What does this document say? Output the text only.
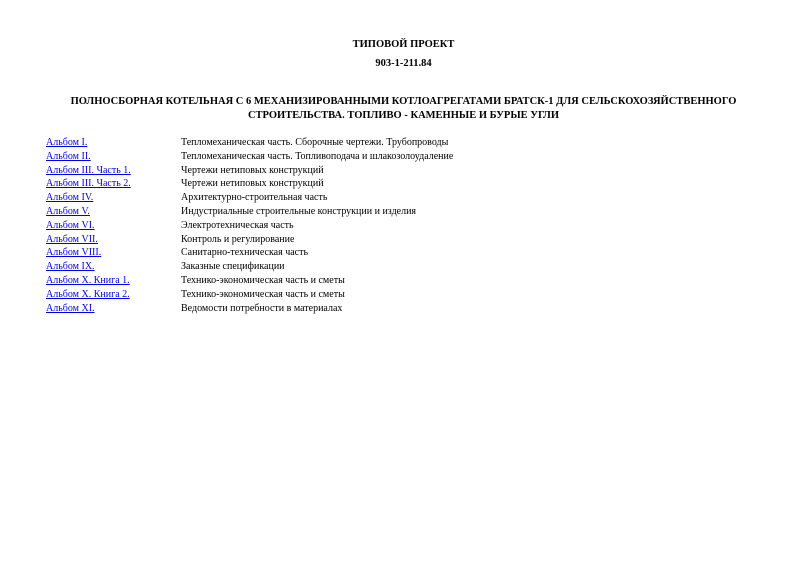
ТИПОВОЙ ПРОЕКТ
903-1-211.84
ПОЛНОСБОРНАЯ КОТЕЛЬНАЯ С 6 МЕХАНИЗИРОВАННЫМИ КОТЛОАГРЕГАТАМИ БРАТСК-1 ДЛЯ СЕЛЬСКОХОЗЯЙСТВЕННОГО
СТРОИТЕЛЬСТВА. ТОПЛИВО - КАМЕННЫЕ И БУРЫЕ УГЛИ
Альбом I.	Тепломеханическая часть. Сборочные чертежи. Трубопроводы
Альбом II.	Тепломеханическая часть. Топливоподача и шлакозолоудаление
Альбом III. Часть 1.	Чертежи нетиповых конструкций
Альбом III. Часть 2.	Чертежи нетиповых конструкций
Альбом IV.	Архитектурно-строительная часть
Альбом V.	Индустриальные строительные конструкции и изделия
Альбом VI.	Электротехническая часть
Альбом VII.	Контроль и регулирование
Альбом VIII.	Санитарно-техническая часть
Альбом IX.	Заказные спецификации
Альбом X. Книга 1.	Технико-экономическая часть и сметы
Альбом X. Книга 2.	Технико-экономическая часть и сметы
Альбом XI.	Ведомости потребности в материалах
